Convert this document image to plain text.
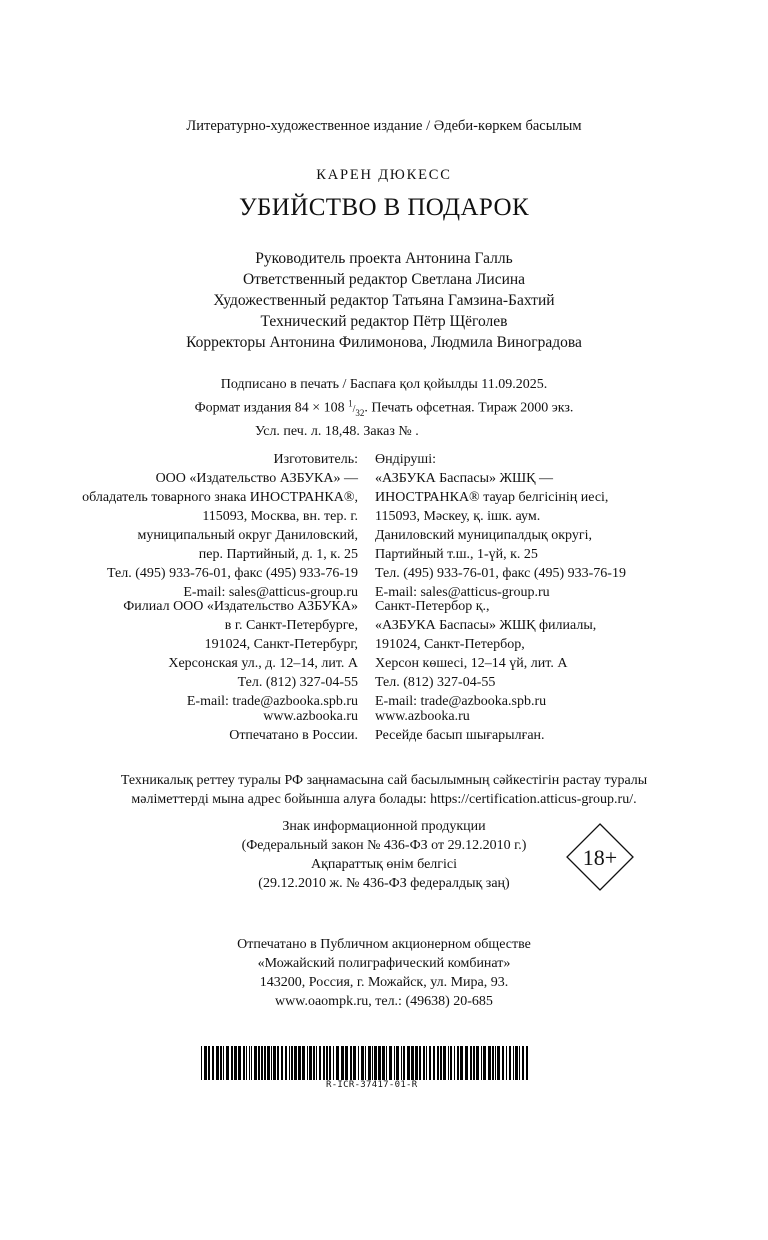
Литературно-художественное издание / Әдеби-көркем басылым
КАРЕН ДЮКЕСС
УБИЙСТВО В ПОДАРОК
Руководитель проекта Антонина Галль
Ответственный редактор Светлана Лисина
Художественный редактор Татьяна Гамзина-Бахтий
Технический редактор Пётр Щёголев
Корректоры Антонина Филимонова, Людмила Виноградова
Подписано в печать / Баспаға қол қойылды 11.09.2025.
Формат издания 84 × 108 $^1/_{32}$. Печать офсетная. Тираж 2000 экз.
Усл. печ. л. 18,48. Заказ № .
Изготовитель:
ООО «Издательство АЗБУКА» —
обладатель товарного знака ИНОСТРАНКА®,
115093, Москва, вн. тер. г.
муниципальный округ Даниловский,
пер. Партийный, д. 1, к. 25
Тел. (495) 933-76-01, факс (495) 933-76-19
E-mail: sales@atticus-group.ru
Өндіруші:
«АЗБУКА Баспасы» ЖШҚ —
ИНОСТРАНКА® тауар белгісінің иесі,
115093, Мәскеу, қ. ішк. аум.
Даниловский муниципалдық округі,
Партийный т.ш., 1-үй, к. 25
Тел. (495) 933-76-01, факс (495) 933-76-19
E-mail: sales@atticus-group.ru
Филиал ООО «Издательство АЗБУКА»
в г. Санкт-Петербурге,
191024, Санкт-Петербург,
Херсонская ул., д. 12–14, лит. А
Тел. (812) 327-04-55
E-mail: trade@azbooka.spb.ru
Санкт-Петербор қ.,
«АЗБУКА Баспасы» ЖШҚ филиалы,
191024, Санкт-Петербор,
Херсон көшесі, 12–14 үй, лит. А
Тел. (812) 327-04-55
E-mail: trade@azbooka.spb.ru
www.azbooka.ru
Отпечатано в России.
www.azbooka.ru
Ресейде басып шығарылған.
Техникалық реттеу туралы РФ заңнамасына сай басылымның сәйкестігін растау туралы
мәліметтерді мына адрес бойынша алуға болады: https://certification.atticus-group.ru/.
Знак информационной продукции
(Федеральный закон № 436-ФЗ от 29.12.2010 г.)
Ақпараттық өнім белгісі
(29.12.2010 ж. № 436-ФЗ федералдық заң)
18+
Отпечатано в Публичном акционерном обществе
«Можайский полиграфический комбинат»
143200, Россия, г. Можайск, ул. Мира, 93.
www.oaompk.ru, тел.: (49638) 20-685
R-ICR-37417-01-R
